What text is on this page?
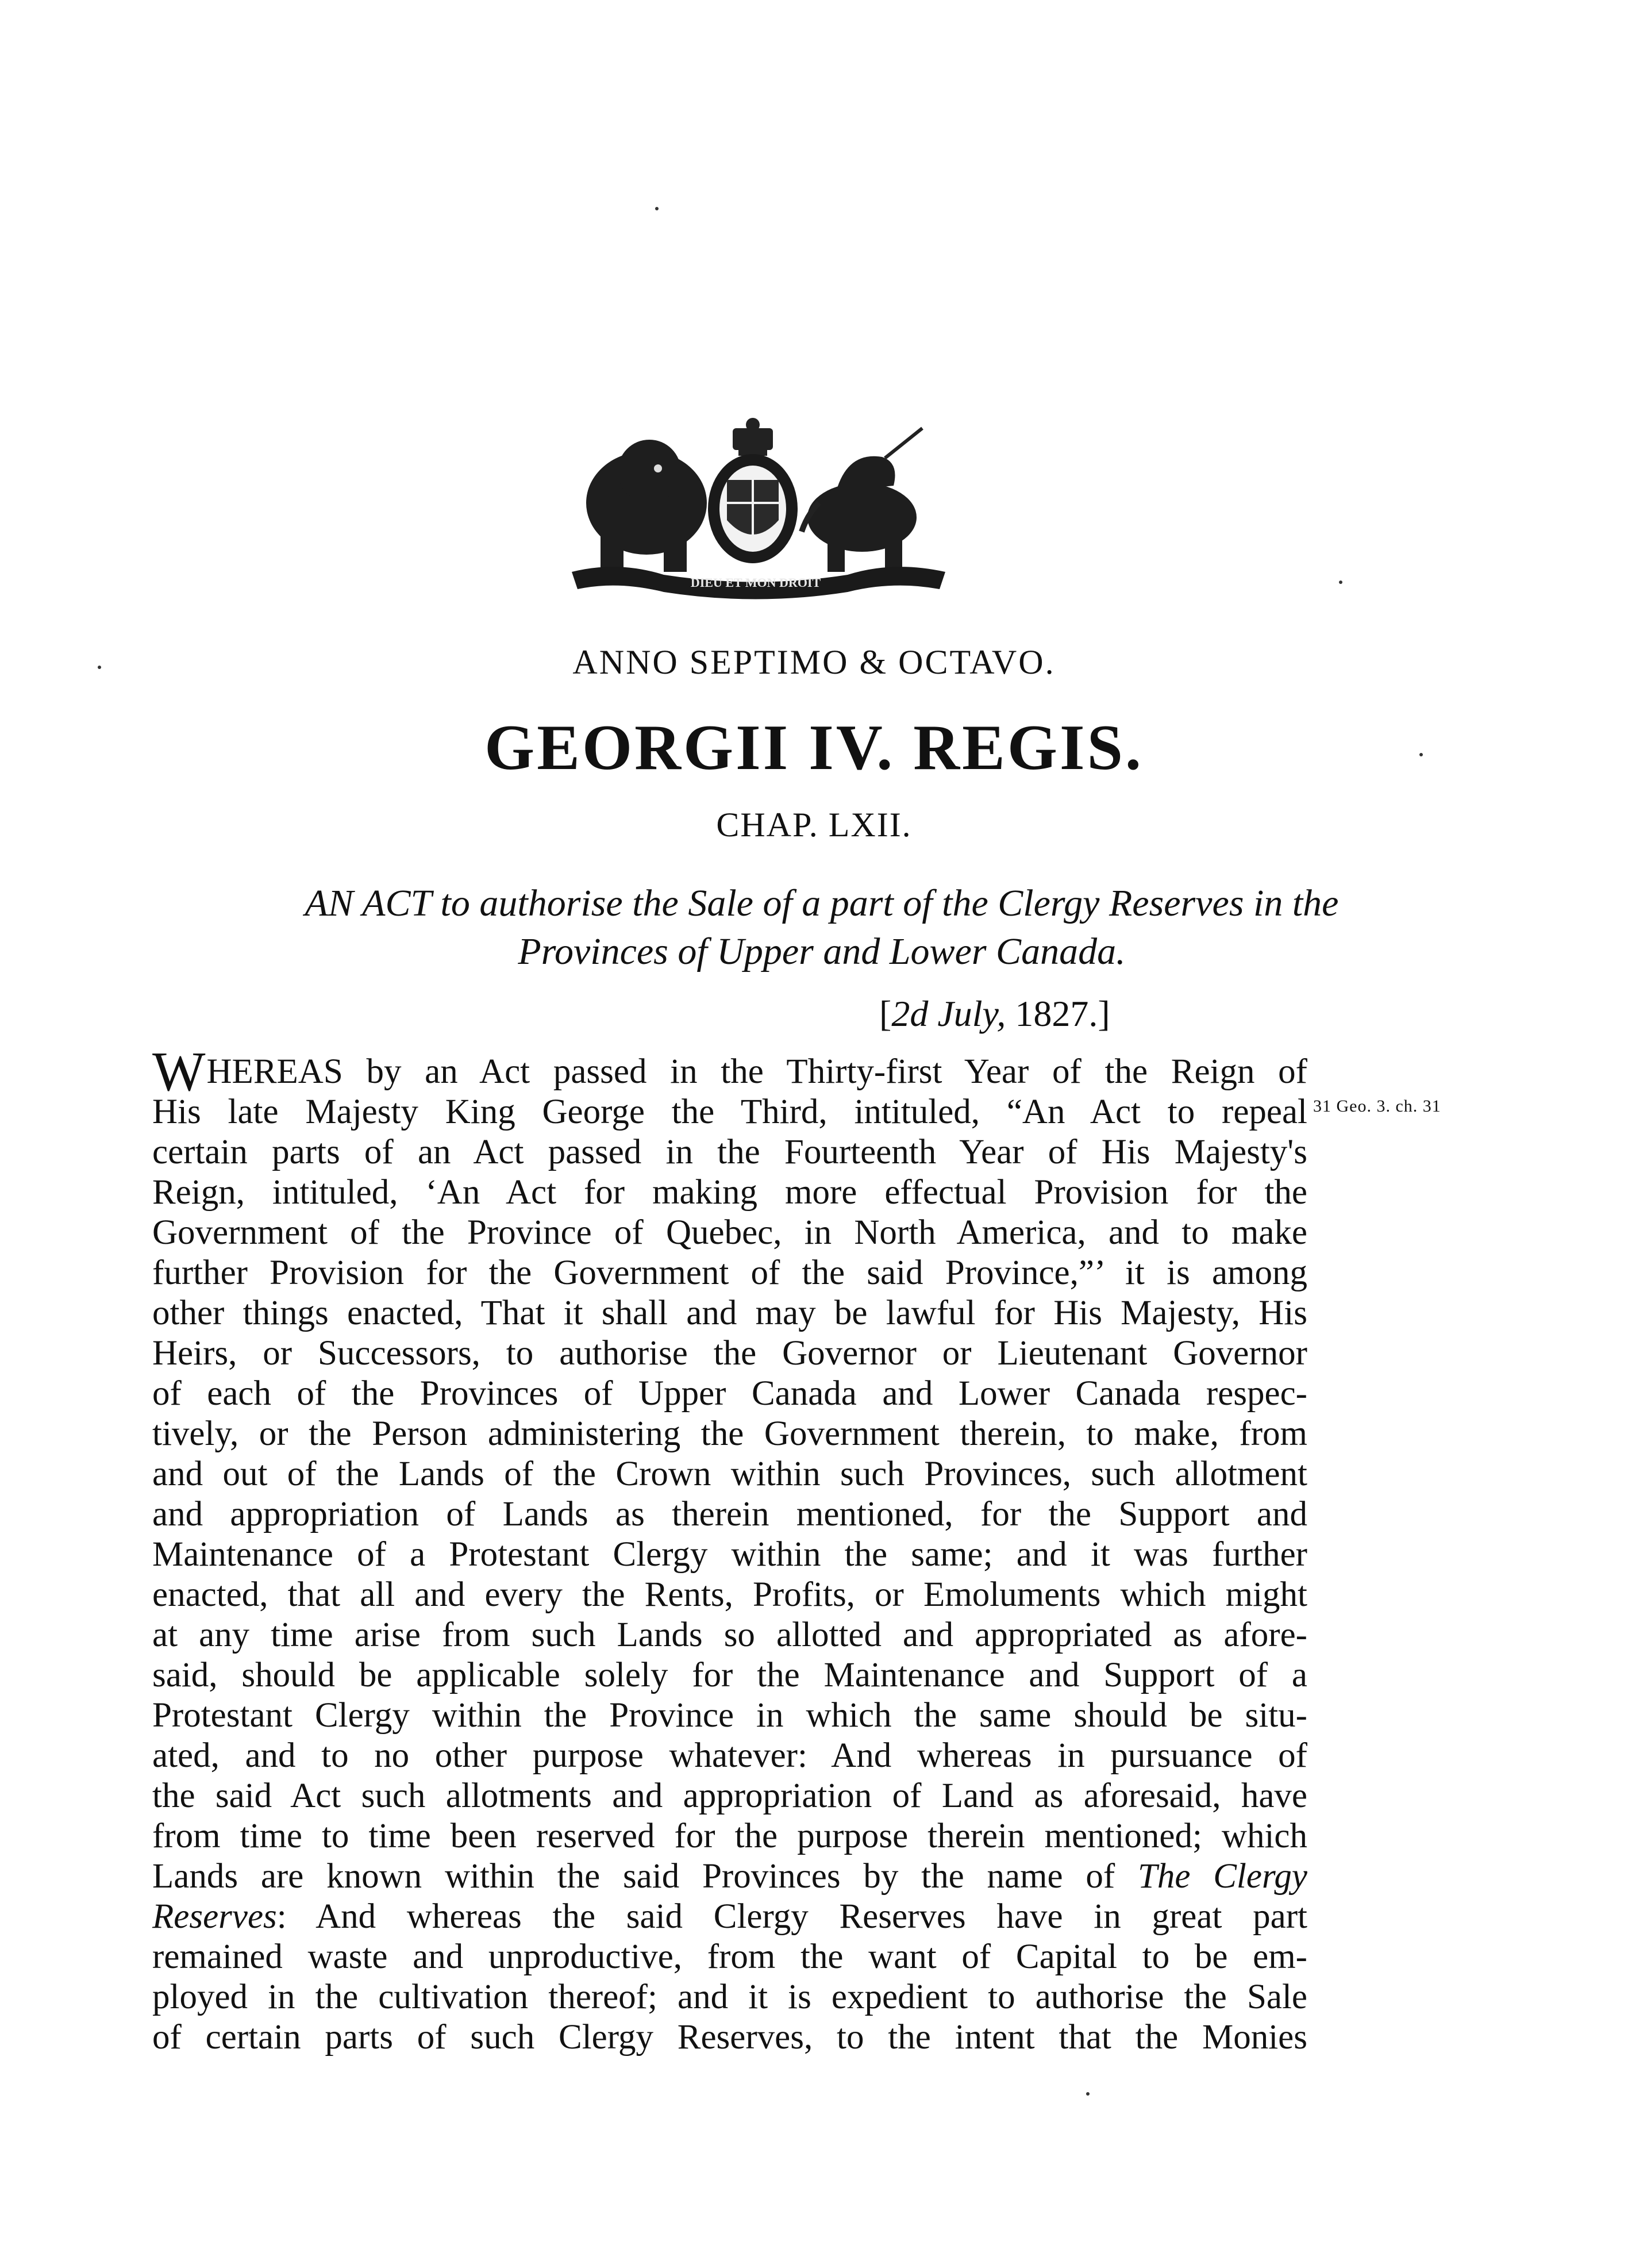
DIEU ET MON DROIT
ANNO SEPTIMO & OCTAVO.
GEORGII IV. REGIS.
CHAP. LXII.
AN ACT to authorise the Sale of a part of the Clergy Reserves in the
Provinces of Upper and Lower Canada.
[2d July, 1827.]
31 Geo. 3. ch. 31
WHEREAS by an Act passed in the Thirty-first Year of the Reign of
His late Majesty King George the Third, intituled, “An Act to repeal
certain parts of an Act passed in the Fourteenth Year of His Majesty's
Reign, intituled, ‘An Act for making more effectual Provision for the
Government of the Province of Quebec, in North America, and to make
further Provision for the Government of the said Province,”’ it is among
other things enacted, That it shall and may be lawful for His Majesty, His
Heirs, or Successors, to authorise the Governor or Lieutenant Governor
of each of the Provinces of Upper Canada and Lower Canada respec-
tively, or the Person administering the Government therein, to make, from
and out of the Lands of the Crown within such Provinces, such allotment
and appropriation of Lands as therein mentioned, for the Support and
Maintenance of a Protestant Clergy within the same; and it was further
enacted, that all and every the Rents, Profits, or Emoluments which might
at any time arise from such Lands so allotted and appropriated as afore-
said, should be applicable solely for the Maintenance and Support of a
Protestant Clergy within the Province in which the same should be situ-
ated, and to no other purpose whatever: And whereas in pursuance of
the said Act such allotments and appropriation of Land as aforesaid, have
from time to time been reserved for the purpose therein mentioned; which
Lands are known within the said Provinces by the name of The Clergy
Reserves: And whereas the said Clergy Reserves have in great part
remained waste and unproductive, from the want of Capital to be em-
ployed in the cultivation thereof; and it is expedient to authorise the Sale
of certain parts of such Clergy Reserves, to the intent that the Monies
